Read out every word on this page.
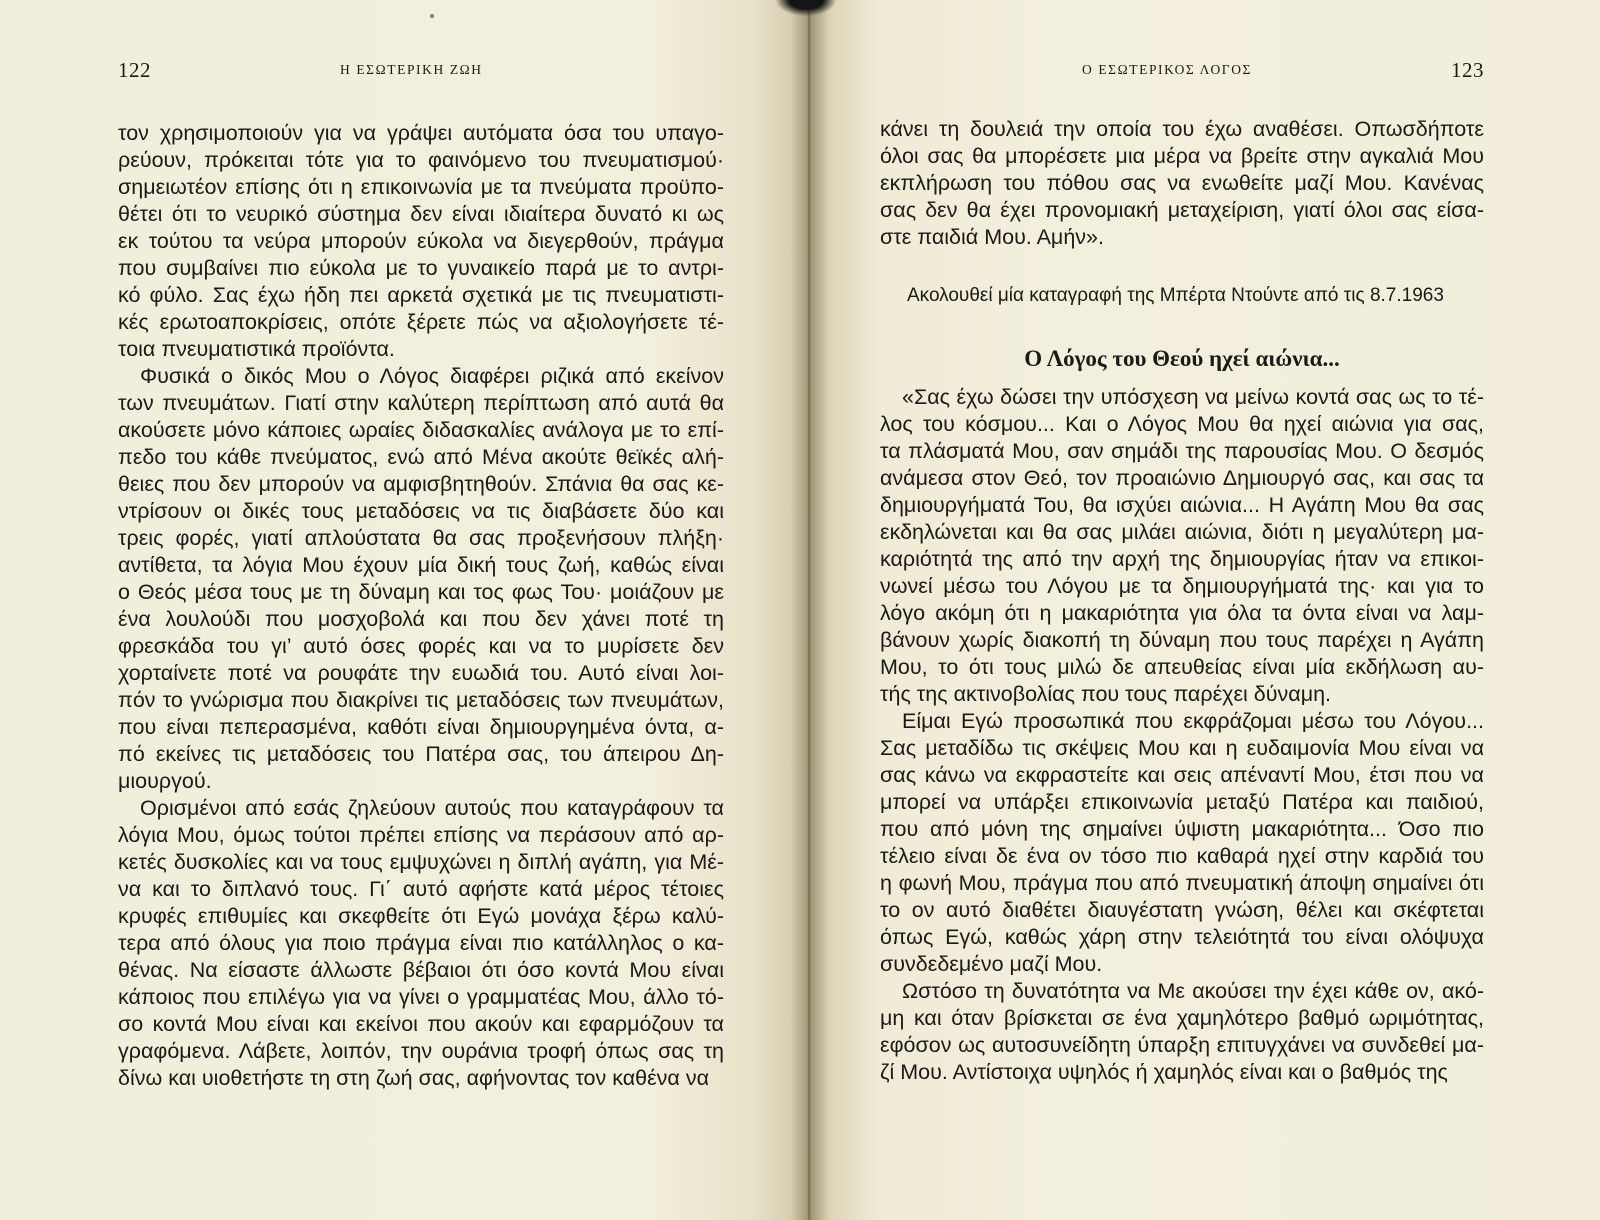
122	Η ΕΣΩΤΕΡΙΚΗ ΖΩΗ	Ο ΕΣΩΤΕΡΙΚΟΣ ΛΟΓΟΣ	123

τον χρησιμοποιούν για να γράψει αυτόματα όσα του υπαγο-
ρεύουν, πρόκειται τότε για το φαινόμενο του πνευματισμού·
σημειωτέον επίσης ότι η επικοινωνία με τα πνεύματα προϋπο-
θέτει ότι το νευρικό σύστημα δεν είναι ιδιαίτερα δυνατό κι ως
εκ τούτου τα νεύρα μπορούν εύκολα να διεγερθούν, πράγμα
που συμβαίνει πιο εύκολα με το γυναικείο παρά με το αντρι-
κό φύλο. Σας έχω ήδη πει αρκετά σχετικά με τις πνευματιστι-
κές ερωτοαποκρίσεις, οπότε ξέρετε πώς να αξιολογήσετε τέ-
τοια πνευματιστικά προϊόντα.

Φυσικά ο δικός Μου ο Λόγος διαφέρει ριζικά από εκείνον
των πνευμάτων. Γιατί στην καλύτερη περίπτωση από αυτά θα
ακούσετε μόνο κάποιες ωραίες διδασκαλίες ανάλογα με το επί-
πεδο του κάθε πνεύματος, ενώ από Μένα ακούτε θεϊκές αλή-
θειες που δεν μπορούν να αμφισβητηθούν. Σπάνια θα σας κε-
ντρίσουν οι δικές τους μεταδόσεις να τις διαβάσετε δύο και
τρεις φορές, γιατί απλούστατα θα σας προξενήσουν πλήξη·
αντίθετα, τα λόγια Μου έχουν μία δική τους ζωή, καθώς είναι
ο Θεός μέσα τους με τη δύναμη και τος φως Του· μοιάζουν με
ένα λουλούδι που μοσχοβολά και που δεν χάνει ποτέ τη
φρεσκάδα του γι’ αυτό όσες φορές και να το μυρίσετε δεν
χορταίνετε ποτέ να ρουφάτε την ευωδιά του. Αυτό είναι λοι-
πόν το γνώρισμα που διακρίνει τις μεταδόσεις των πνευμάτων,
που είναι πεπερασμένα, καθότι είναι δημιουργημένα όντα, α-
πό εκείνες τις μεταδόσεις του Πατέρα σας, του άπειρου Δη-
μιουργού.

Ορισμένοι από εσάς ζηλεύουν αυτούς που καταγράφουν τα
λόγια Μου, όμως τούτοι πρέπει επίσης να περάσουν από αρ-
κετές δυσκολίες και να τους εμψυχώνει η διπλή αγάπη, για Μέ-
να και το διπλανό τους. Γι΄ αυτό αφήστε κατά μέρος τέτοιες
κρυφές επιθυμίες και σκεφθείτε ότι Εγώ μονάχα ξέρω καλύ-
τερα από όλους για ποιο πράγμα είναι πιο κατάλληλος ο κα-
θένας. Να είσαστε άλλωστε βέβαιοι ότι όσο κοντά Μου είναι
κάποιος που επιλέγω για να γίνει ο γραμματέας Μου, άλλο τό-
σο κοντά Μου είναι και εκείνοι που ακούν και εφαρμόζουν τα
γραφόμενα. Λάβετε, λοιπόν, την ουράνια τροφή όπως σας τη
δίνω και υιοθετήστε τη στη ζωή σας, αφήνοντας τον καθένα να

κάνει τη δουλειά την οποία του έχω αναθέσει. Οπωσδήποτε
όλοι σας θα μπορέσετε μια μέρα να βρείτε στην αγκαλιά Μου
εκπλήρωση του πόθου σας να ενωθείτε μαζί Μου. Κανένας
σας δεν θα έχει προνομιακή μεταχείριση, γιατί όλοι σας είσα-
στε παιδιά Μου. Αμήν».

Ακολουθεί μία καταγραφή της Μπέρτα Ντούντε από τις 8.7.1963
Ο Λόγος του Θεού ηχεί αιώνια...

«Σας έχω δώσει την υπόσχεση να μείνω κοντά σας ως το τέ-
λος του κόσμου... Και ο Λόγος Μου θα ηχεί αιώνια για σας,
τα πλάσματά Μου, σαν σημάδι της παρουσίας Μου. Ο δεσμός
ανάμεσα στον Θεό, τον προαιώνιο Δημιουργό σας, και σας τα
δημιουργήματά Του, θα ισχύει αιώνια... Η Αγάπη Μου θα σας
εκδηλώνεται και θα σας μιλάει αιώνια, διότι η μεγαλύτερη μα-
καριότητά της από την αρχή της δημιουργίας ήταν να επικοι-
νωνεί μέσω του Λόγου με τα δημιουργήματά της· και για το
λόγο ακόμη ότι η μακαριότητα για όλα τα όντα είναι να λαμ-
βάνουν χωρίς διακοπή τη δύναμη που τους παρέχει η Αγάπη
Μου, το ότι τους μιλώ δε απευθείας είναι μία εκδήλωση αυ-
τής της ακτινοβολίας που τους παρέχει δύναμη.

Είμαι Εγώ προσωπικά που εκφράζομαι μέσω του Λόγου...
Σας μεταδίδω τις σκέψεις Μου και η ευδαιμονία Μου είναι να
σας κάνω να εκφραστείτε και σεις απέναντί Μου, έτσι που να
μπορεί να υπάρξει επικοινωνία μεταξύ Πατέρα και παιδιού,
που από μόνη της σημαίνει ύψιστη μακαριότητα... Όσο πιο
τέλειο είναι δε ένα ον τόσο πιο καθαρά ηχεί στην καρδιά του
η φωνή Μου, πράγμα που από πνευματική άποψη σημαίνει ότι
το ον αυτό διαθέτει διαυγέστατη γνώση, θέλει και σκέφτεται
όπως Εγώ, καθώς χάρη στην τελειότητά του είναι ολόψυχα
συνδεδεμένο μαζί Μου.

Ωστόσο τη δυνατότητα να Με ακούσει την έχει κάθε ον, ακό-
μη και όταν βρίσκεται σε ένα χαμηλότερο βαθμό ωριμότητας,
εφόσον ως αυτοσυνείδητη ύπαρξη επιτυγχάνει να συνδεθεί μα-
ζί Μου. Αντίστοιχα υψηλός ή χαμηλός είναι και ο βαθμός της
